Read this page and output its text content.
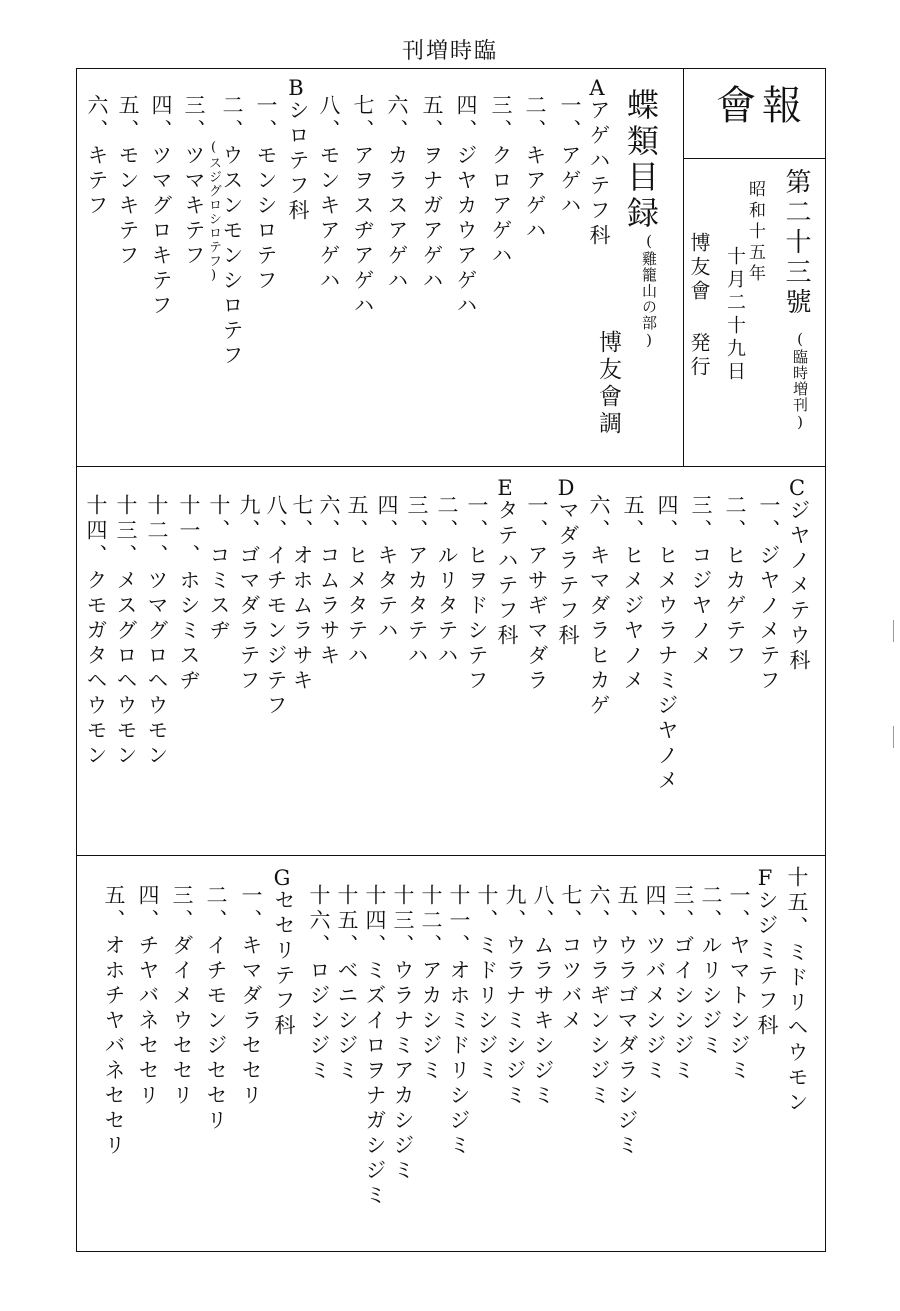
刊増時臨
會報
第二十三號
(臨時増刊)
昭和十五年
十月二十九日
博友會 発行
蝶類目録
(雞籠山の部)
博友會調
Aアゲハテフ科
一、アゲハ
二、キアゲハ
三、クロアゲハ
四、ジヤカウアゲハ
五、ヲナガアゲハ
六、カラスアゲハ
七、アヲスヂアゲハ
八、モンキアゲハ
Bシロテフ科
一、モンシロテフ
二、ウスンモンシロテフ
(スジグロシロテフ)
三、ツマキテフ
四、ツマグロキテフ
五、モンキテフ
六、キテフ
Cジヤノメテウ科
一、ジヤノメテフ
二、ヒカゲテフ
三、コジヤノメ
四、ヒメウラナミジヤノメ
五、ヒメジヤノメ
六、キマダラヒカゲ
Dマダラテフ科
一、アサギマダラ
Eタテハテフ科
一、ヒヲドシテフ
二、ルリタテハ
三、アカタテハ
四、キタテハ
五、ヒメタテハ
六、コムラサキ
七、オホムラサキ
八、イチモンジテフ
九、ゴマダラテフ
十、コミスヂ
十一、ホシミスヂ
十二、ツマグロヘウモン
十三、メスグロヘウモン
十四、クモガタヘウモン
十五、ミドリヘウモン
Fシジミテフ科
一、ヤマトシジミ
二、ルリシジミ
三、ゴイシシジミ
四、ツバメシジミ
五、ウラゴマダラシジミ
六、ウラギンシジミ
七、コツバメ
八、ムラサキシジミ
九、ウラナミシジミ
十、ミドリシジミ
十一、オホミドリシジミ
十二、アカシジミ
十三、ウラナミアカシジミ
十四、ミズイロヲナガシジミ
十五、ベニシジミ
十六、ロジシジミ
Gセセリテフ科
一、キマダラセセリ
二、イチモンジセセリ
三、ダイメウセセリ
四、チヤバネセセリ
五、オホチヤバネセセリ
